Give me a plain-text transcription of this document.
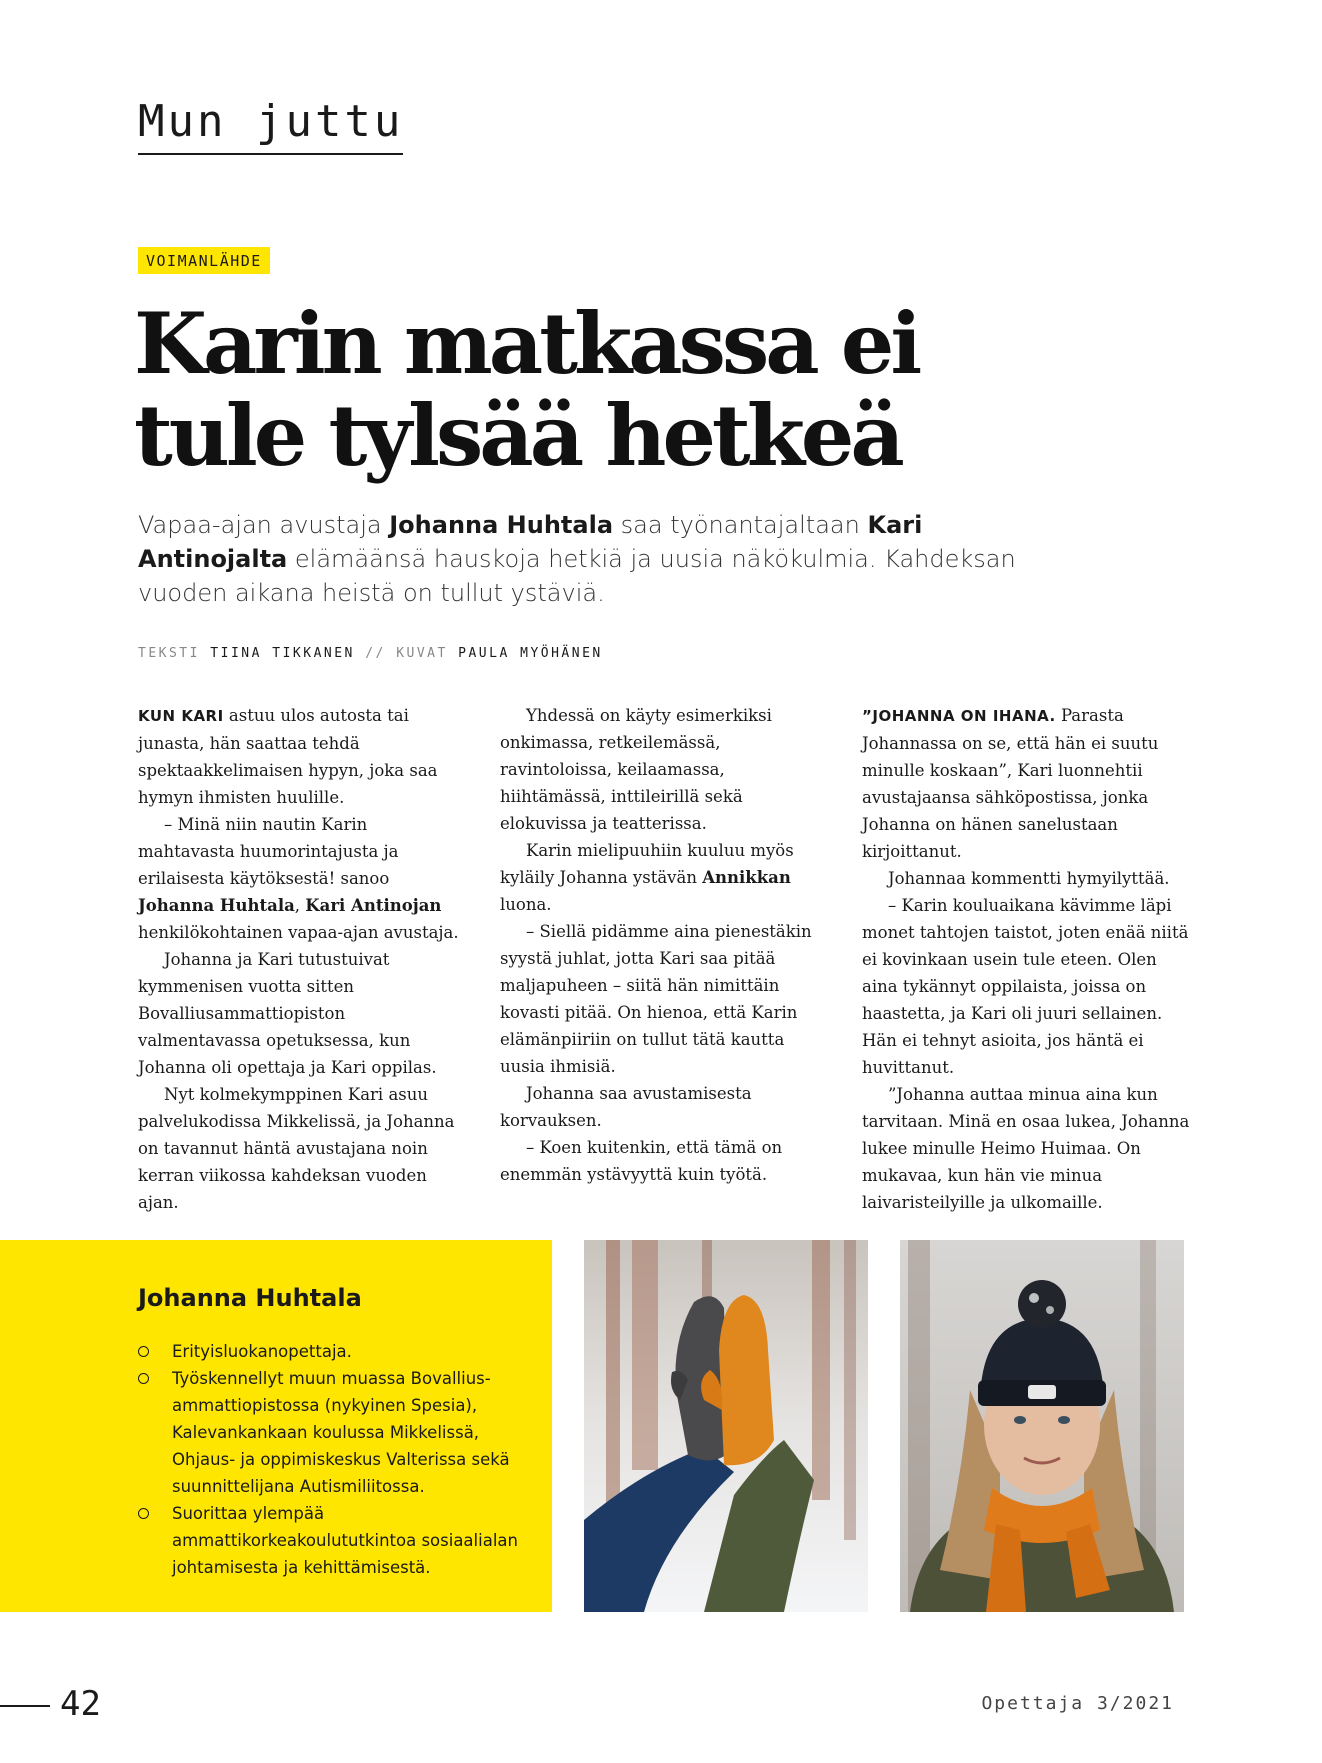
Mun juttu
VOIMANLÄHDE
Karin matkassa ei
tule tylsää hetkeä

Vapaa-ajan avustaja Johanna Huhtala saa työnantajaltaan Kari Antinojalta elämäänsä hauskoja hetkiä ja uusia näkökulmia. Kahdeksan vuoden aikana heistä on tullut ystäviä.

TEKSTI TIINA TIKKANEN // KUVAT PAULA MYÖHÄNEN

KUN KARI astuu ulos autosta tai junasta, hän saattaa tehdä spektaakkelimaisen hypyn, joka saa hymyn ihmisten huulille.

– Minä niin nautin Karin mahtavasta huumorintajusta ja erilaisesta käytöksestä! sanoo Johanna Huhtala, Kari Antinojan henkilökohtainen vapaa-ajan avustaja.

Johanna ja Kari tutustuivat kymmenisen vuotta sitten Bovalliusammattiopiston valmentavassa opetuksessa, kun Johanna oli opettaja ja Kari oppilas.

Nyt kolmekymppinen Kari asuu palvelukodissa Mikkelissä, ja Johanna on tavannut häntä avustajana noin kerran viikossa kahdeksan vuoden ajan.

Yhdessä on käyty esimerkiksi onkimassa, retkeilemässä, ravintoloissa, keilaamassa, hiihtämässä, inttileirillä sekä elokuvissa ja teatterissa.

Karin mielipuuhiin kuuluu myös kyläily Johanna ystävän Annikkan luona.

– Siellä pidämme aina pienestäkin syystä juhlat, jotta Kari saa pitää maljapuheen – siitä hän nimittäin kovasti pitää. On hienoa, että Karin elämänpiiriin on tullut tätä kautta uusia ihmisiä.

Johanna saa avustamisesta korvauksen.

– Koen kuitenkin, että tämä on enemmän ystävyyttä kuin työtä.

”JOHANNA ON IHANA. Parasta Johannassa on se, että hän ei suutu minulle koskaan”, Kari luonnehtii avustajaansa sähköpostissa, jonka Johanna on hänen sanelustaan kirjoittanut.

Johannaa kommentti hymyilyttää.

– Karin kouluaikana kävimme läpi monet tahtojen taistot, joten enää niitä ei kovinkaan usein tule eteen. Olen aina tykännyt oppilaista, joissa on haastetta, ja Kari oli juuri sellainen. Hän ei tehnyt asioita, jos häntä ei huvittanut.

”Johanna auttaa minua aina kun tarvitaan. Minä en osaa lukea, Johanna lukee minulle Heimo Huimaa. On mukavaa, kun hän vie minua laivaristeilyille ja ulkomaille.

Johanna Huhtala
Erityisluokanopettaja.
Työskennellyt muun muassa Bovallius-ammattiopistossa (nykyinen Spesia), Kalevankankaan koulussa Mikkelissä, Ohjaus- ja oppimiskeskus Valterissa sekä suunnittelijana Autismiliitossa.
Suorittaa ylempää ammattikorkeakoulututkintoa sosiaalialan johtamisesta ja kehittämisestä.
42	Opettaja 3/2021
